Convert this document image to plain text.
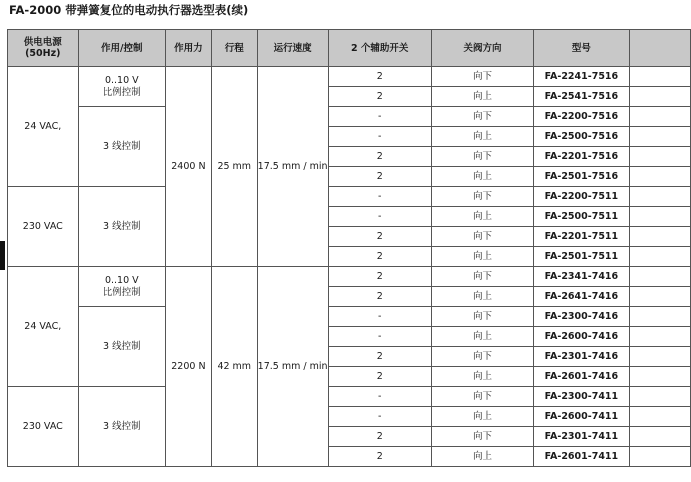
FA-2000 带弹簧复位的电动执行器选型表(续)
供电电源
(50Hz)	作用/控制	作用力	行程	运行速度	2 个辅助开关	关阀方向	型号	
24 VAC,	0..10 V
比例控制	2400 N	25 mm	17.5 mm / min	2	向下	FA-2241-7516	
					2	向上	FA-2541-7516	

	3 线控制				-	向下	FA-2200-7516	
					-	向上	FA-2500-7516	
					2	向下	FA-2201-7516	
					2	向上	FA-2501-7516	
230 VAC	3 线控制				-	向下	FA-2200-7511	
					-	向上	FA-2500-7511	
					2	向下	FA-2201-7511	
					2	向上	FA-2501-7511	
24 VAC,	0..10 V
比例控制	2200 N	42 mm	17.5 mm / min	2	向下	FA-2341-7416	
					2	向上	FA-2641-7416	

	3 线控制				-	向下	FA-2300-7416	
					-	向上	FA-2600-7416	
					2	向下	FA-2301-7416	
					2	向上	FA-2601-7416	
230 VAC	3 线控制				-	向下	FA-2300-7411	
					-	向上	FA-2600-7411	
					2	向下	FA-2301-7411	
					2	向上	FA-2601-7411	
